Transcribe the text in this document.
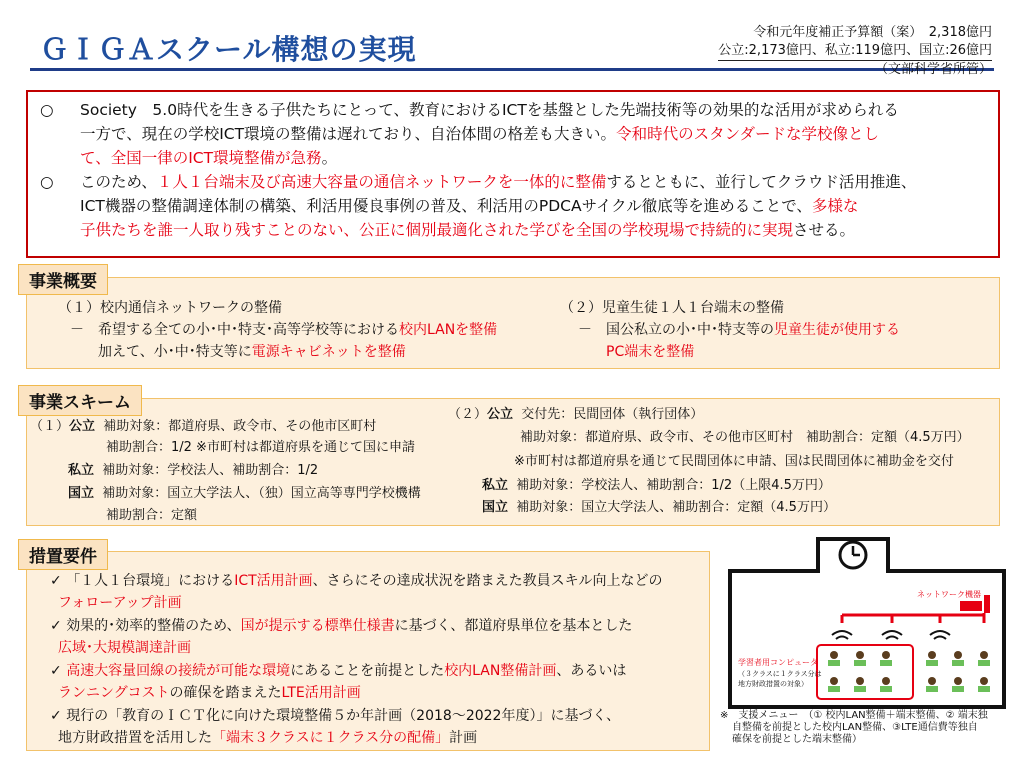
ＧＩＧＡスクール構想の実現
令和元年度補正予算額（案）　2,318億円
公立:2,173億円、私立:119億円、国立:26億円
（文部科学省所管）

○ Society　5.0時代を生きる子供たちにとって、教育におけるICTを基盤とした先端技術等の効果的な活用が求められる
一方で、現在の学校ICT環境の整備は遅れており、自治体間の格差も大きい。令和時代のスタンダードな学校像とし
て、全国一律のICT環境整備が急務。

○ このため、１人１台端末及び高速大容量の通信ネットワークを一体的に整備するとともに、並行してクラウド活用推進、
ICT機器の整備調達体制の構築、利活用優良事例の普及、利活用のPDCAサイクル徹底等を進めることで、多様な
子供たちを誰一人取り残すことのない、公正に個別最適化された学びを全国の学校現場で持続的に実現させる。

事業概要
（１）校内通信ネットワークの整備
－　希望する全ての小･中･特支･高等学校等における校内LANを整備
加えて、小･中･特支等に電源キャビネットを整備
（２）児童生徒１人１台端末の整備
－　国公私立の小･中･特支等の児童生徒が使用する
PC端末を整備
事業スキーム
（１）公立 補助対象：都道府県、政令市、その他市区町村
補助割合：1/2 ※市町村は都道府県を通じて国に申請
私立 補助対象：学校法人、補助割合：1/2
国立 補助対象：国立大学法人、（独）国立高等専門学校機構
補助割合：定額
（２）公立 交付先：民間団体（執行団体）
補助対象：都道府県、政令市、その他市区町村　補助割合：定額（4.5万円）
※市町村は都道府県を通じて民間団体に申請、国は民間団体に補助金を交付
私立 補助対象：学校法人、補助割合：1/2（上限4.5万円）
国立 補助対象：国立大学法人、補助割合：定額（4.5万円）
措置要件
✓ 「１人１台環境」におけるICT活用計画、さらにその達成状況を踏まえた教員スキル向上などの
フォローアップ計画
✓ 効果的･効率的整備のため、国が提示する標準仕様書に基づく、都道府県単位を基本とした
広域･大規模調達計画
✓ 高速大容量回線の接続が可能な環境にあることを前提とした校内LAN整備計画、あるいは
ランニングコストの確保を踏まえたLTE活用計画
✓ 現行の「教育のＩＣＴ化に向けた環境整備５か年計画（2018～2022年度）」に基づく、
地方財政措置を活用した「端末３クラスに１クラス分の配備」計画
ネットワーク機器
学習者用コンピュータ
（３クラスに１クラス分は
地方財政措置の対象）
※　支援メニュー　（① 校内LAN整備＋端末整備、② 端末独
自整備を前提とした校内LAN整備、③LTE通信費等独自
確保を前提とした端末整備）
